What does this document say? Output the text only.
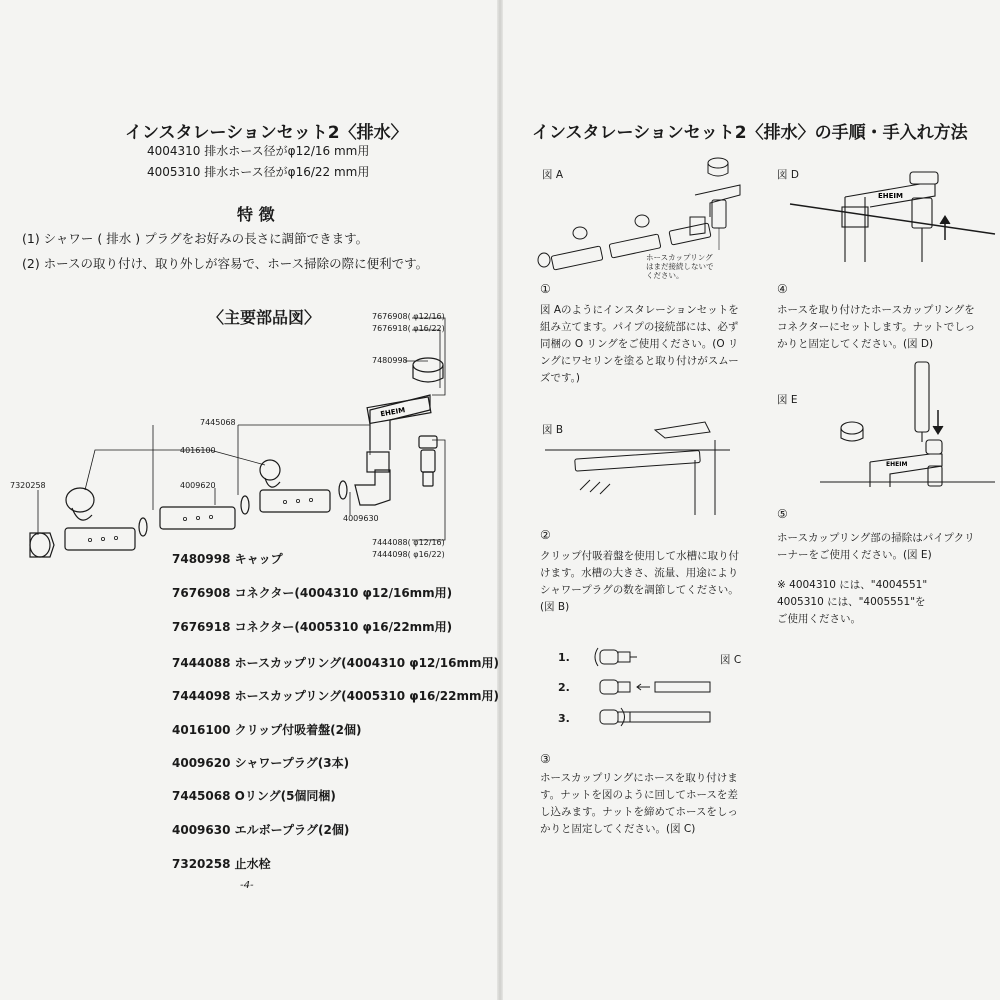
インスタレーションセット2〈排水〉
4004310 排水ホース径がφ12/16 mm用
4005310 排水ホース径がφ16/22 mm用
特 徴
(1) シャワー ( 排水 ) プラグをお好みの長さに調節できます。
(2) ホースの取り付け、取り外しが容易で、ホース掃除の際に便利です。
〈主要部品図〉	7676908( φ12/16)
7676918( φ16/22)
7480998
7445068
4016100
4009620
7320258
4009630
7444088( φ12/16)
7444098( φ16/22)
EHEIM
7480998 キャップ
7676908 コネクター(4004310 φ12/16mm用)
7676918 コネクター(4005310 φ16/22mm用)
7444088 ホースカップリング(4004310 φ12/16mm用)
7444098 ホースカップリング(4005310 φ16/22mm用)
4016100 クリップ付吸着盤(2個)
4009620 シャワープラグ(3本)
7445068 Oリング(5個同梱)
4009630 エルボープラグ(2個)
7320258 止水栓
-4-
インスタレーションセット2〈排水〉の手順・手入れ方法
図 A
ホースカップリング
はまだ接続しないで
ください。
図 D
EHEIM
①
図 Aのようにインスタレーションセットを組み立てます。パイプの接続部には、必ず同梱の O リングをご使用ください。(O リングにワセリンを塗ると取り付けがスムーズです。)
④
ホースを取り付けたホースカップリングをコネクターにセットします。ナットでしっかりと固定してください。(図 D)
図 B
図 E
EHEIM
②
クリップ付吸着盤を使用して水槽に取り付けます。水槽の大きさ、流量、用途によりシャワープラグの数を調節してください。(図 B)
⑤
ホースカップリング部の掃除はパイプクリーナーをご使用ください。(図 E)
※ 4004310 には、"4004551"
4005310 には、"4005551"を
ご使用ください。
図 C
1.
2.
3.
③
ホースカップリングにホースを取り付けます。ナットを図のように回してホースを差し込みます。ナットを締めてホースをしっかりと固定してください。(図 C)
